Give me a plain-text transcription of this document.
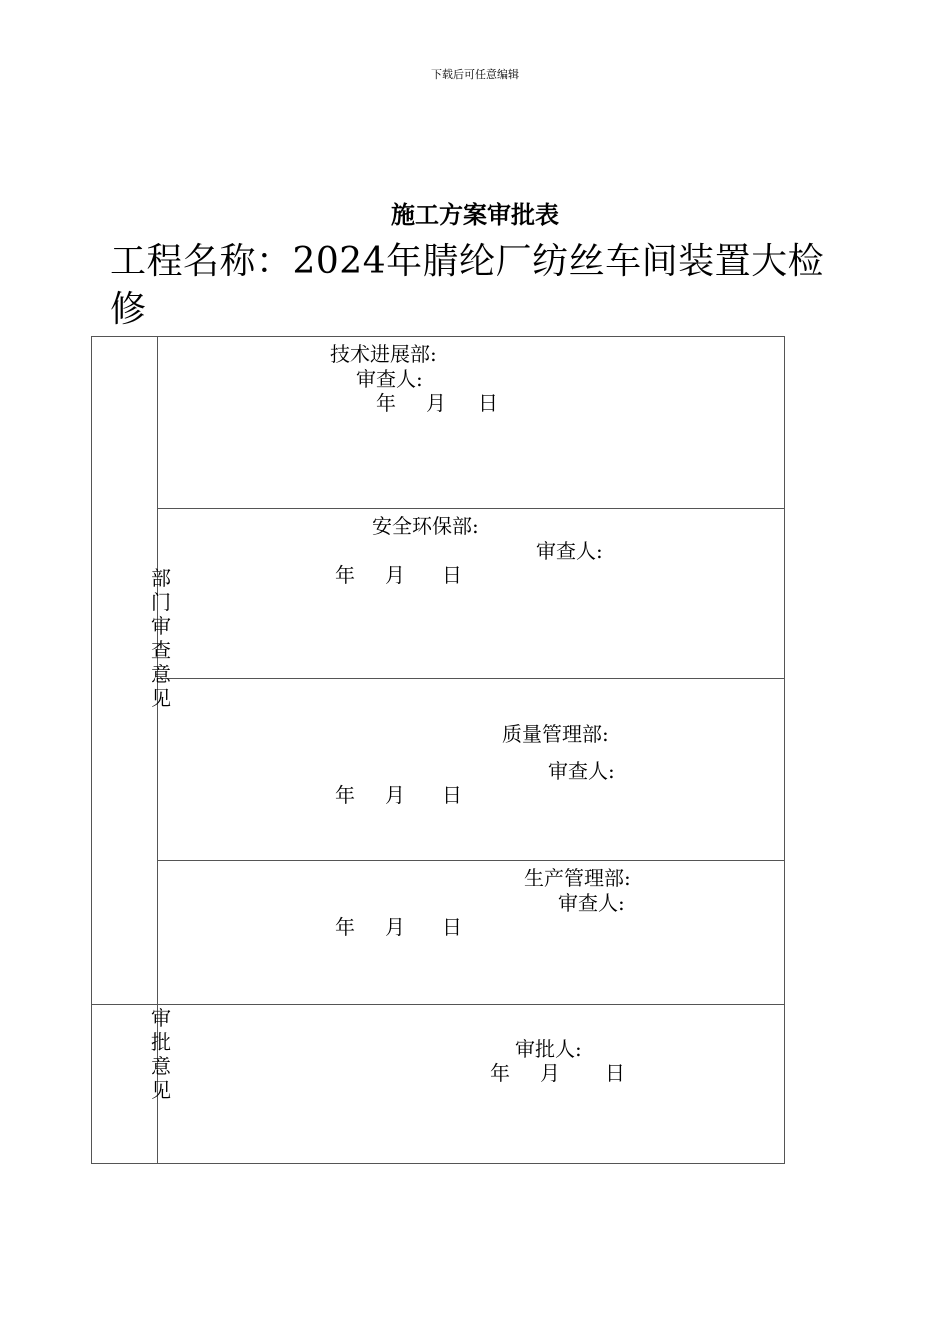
下载后可任意编辑
施工方案审批表
工程名称：2024年腈纶厂纺丝车间装置大检修
部
门
审
查
意
见
审
批
意
见
技术进展部:
审查人:
年 月 日
安全环保部:
审查人:
年 月 日
质量管理部:
审查人:
年 月 日
生产管理部:
审查人:
年 月 日
审批人:
年 月 日
